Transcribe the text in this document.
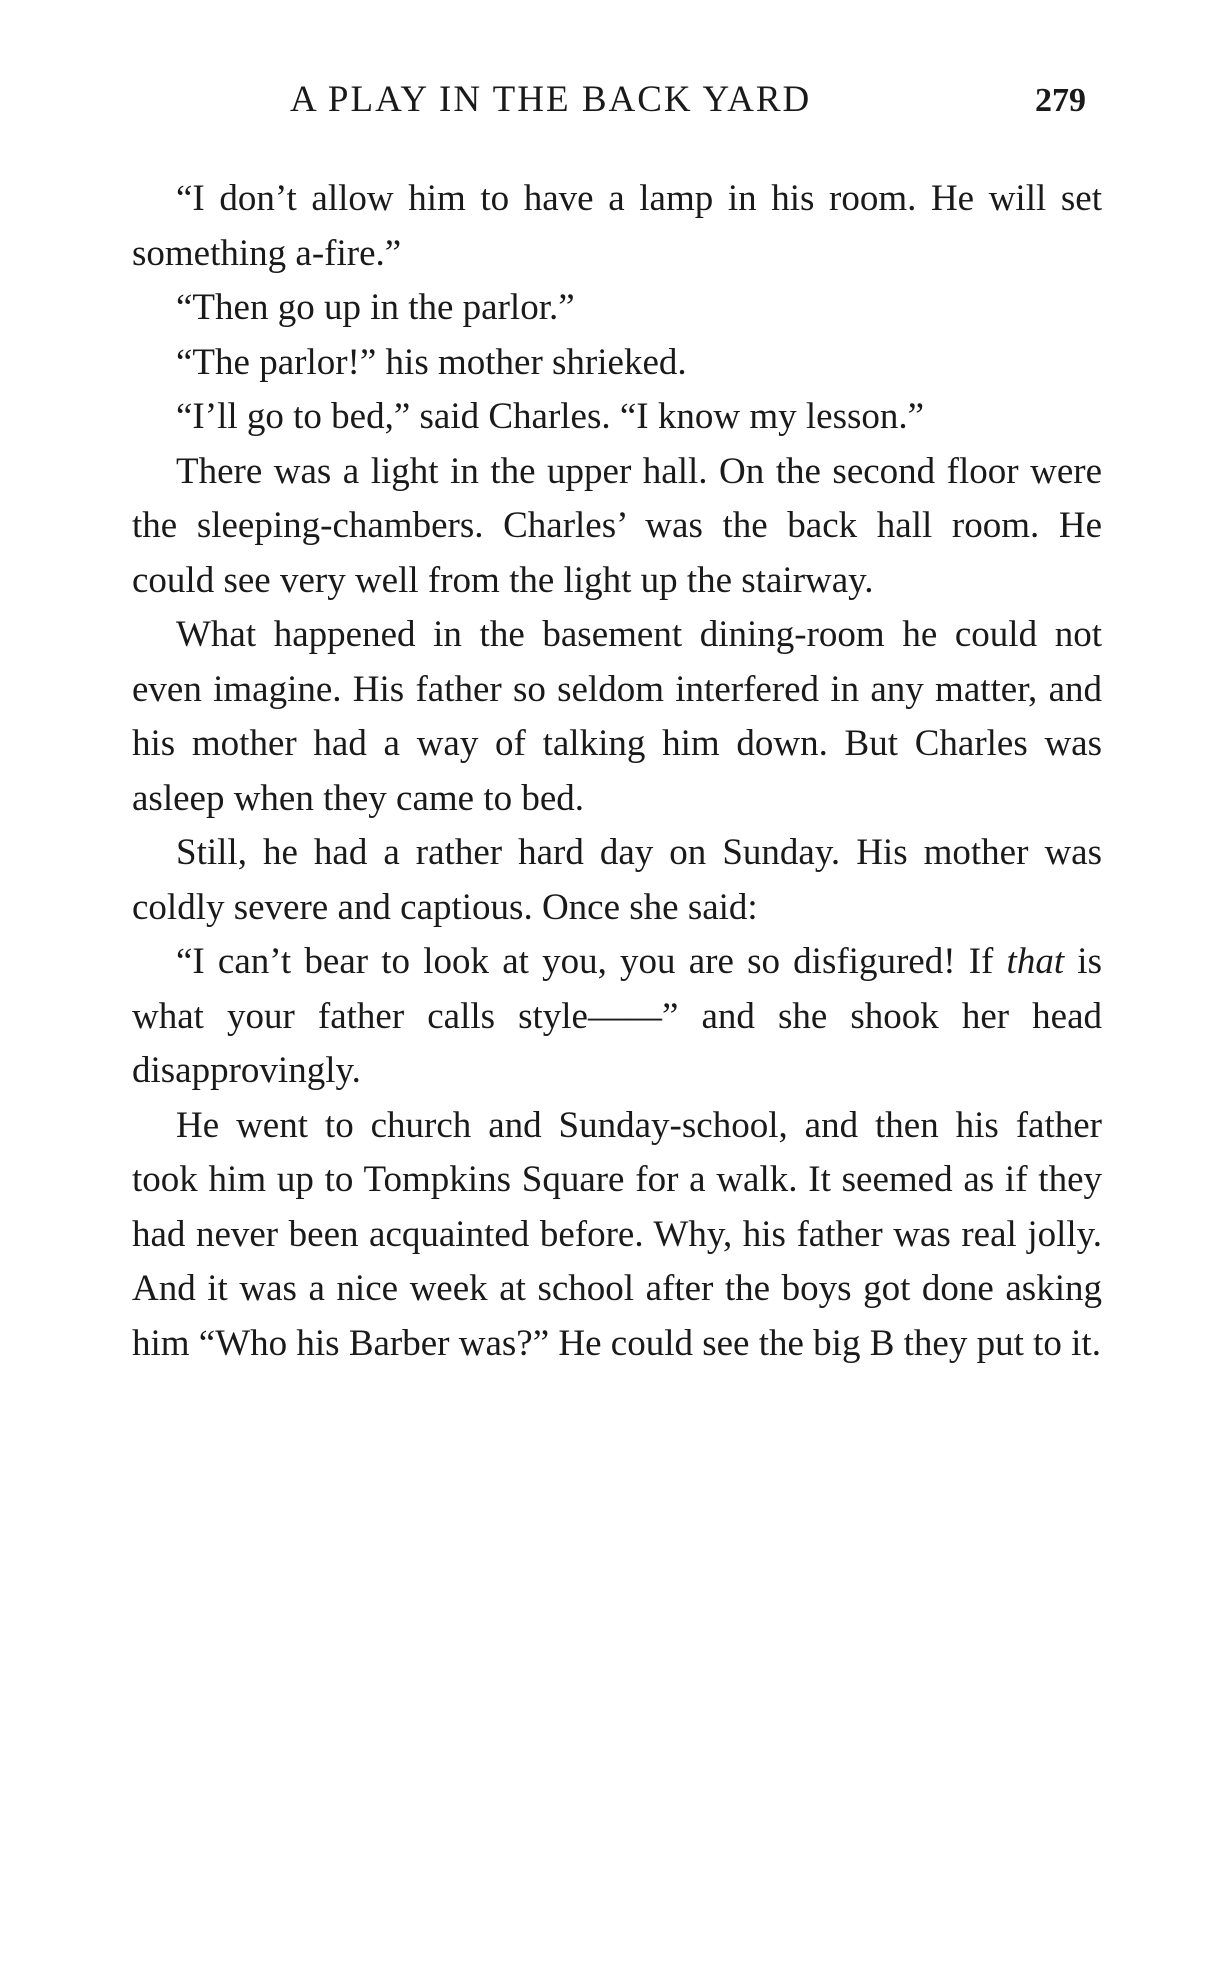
A PLAY IN THE BACK YARD	279

“I don’t allow him to have a lamp in his room. He will set something a-fire.”

“Then go up in the parlor.”

“The parlor!” his mother shrieked.

“I’ll go to bed,” said Charles. “I know my lesson.”

There was a light in the upper hall. On the second floor were the sleeping-chambers. Charles’ was the back hall room. He could see very well from the light up the stairway.

What happened in the basement dining-room he could not even imagine. His father so seldom interfered in any matter, and his mother had a way of talking him down. But Charles was asleep when they came to bed.

Still, he had a rather hard day on Sunday. His mother was coldly severe and captious. Once she said:

“I can’t bear to look at you, you are so disfigured! If that is what your father calls style——” and she shook her head disapprovingly.

He went to church and Sunday-school, and then his father took him up to Tompkins Square for a walk. It seemed as if they had never been acquainted before. Why, his father was real jolly. And it was a nice week at school after the boys got done asking him “Who his Barber was?” He could see the big B they put to it.
